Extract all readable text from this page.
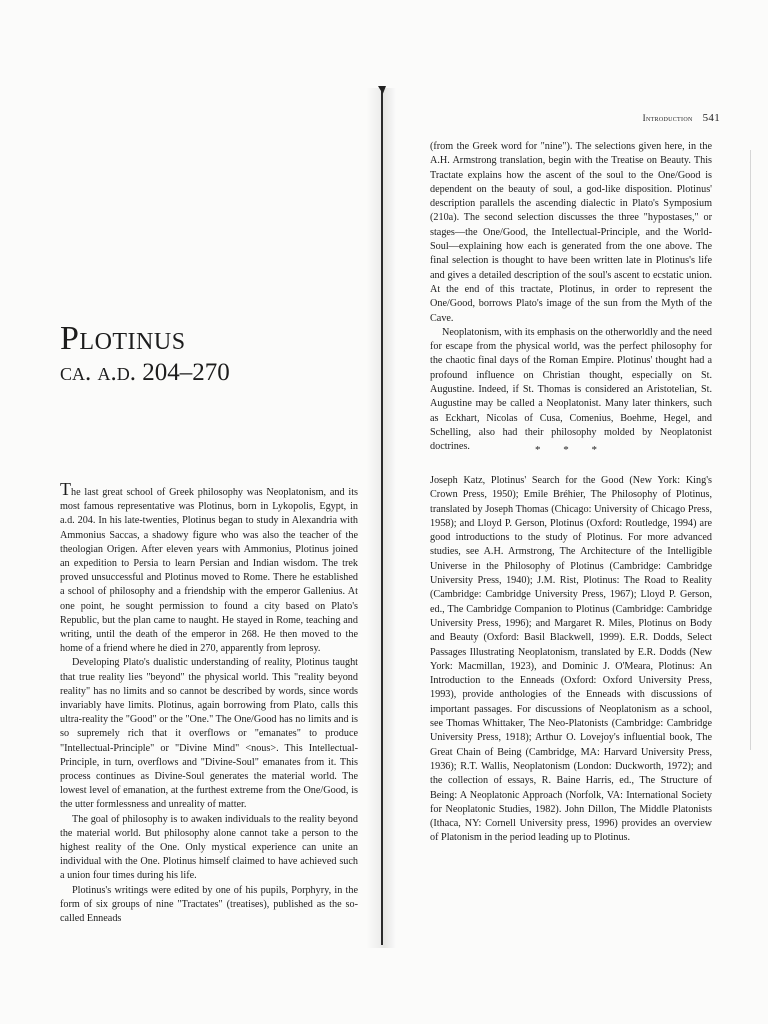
Plotinus

ca. a.d. 204–270

The last great school of Greek philosophy was Neoplatonism, and its most famous representative was Plotinus, born in Lykopolis, Egypt, in a.d. 204. In his late-twenties, Plotinus began to study in Alexandria with Ammonius Saccas, a shadowy figure who was also the teacher of the theologian Origen. After eleven years with Ammonius, Plotinus joined an expedition to Persia to learn Persian and Indian wisdom. The trek proved unsuccessful and Plotinus moved to Rome. There he established a school of philosophy and a friendship with the emperor Gallenius. At one point, he sought permission to found a city based on Plato's Republic, but the plan came to naught. He stayed in Rome, teaching and writing, until the death of the emperor in 268. He then moved to the home of a friend where he died in 270, apparently from leprosy.

Developing Plato's dualistic understanding of reality, Plotinus taught that true reality lies "beyond" the physical world. This "reality beyond reality" has no limits and so cannot be described by words, since words invariably have limits. Plotinus, again borrowing from Plato, calls this ultra-reality the "Good" or the "One." The One/Good has no limits and is so supremely rich that it overflows or "emanates" to produce "Intellectual-Principle" or "Divine Mind" <nous>. This Intellectual-Principle, in turn, overflows and "Divine-Soul" emanates from it. This process continues as Divine-Soul generates the material world. The lowest level of emanation, at the furthest extreme from the One/Good, is the utter formlessness and unreality of matter.

The goal of philosophy is to awaken individuals to the reality beyond the material world. But philosophy alone cannot take a person to the highest reality of the One. Only mystical experience can unite an individual with the One. Plotinus himself claimed to have achieved such a union four times during his life.

Plotinus's writings were edited by one of his pupils, Porphyry, in the form of six groups of nine "Tractates" (treatises), published as the so-called Enneads

Introduction 541

(from the Greek word for "nine"). The selections given here, in the A.H. Armstrong translation, begin with the Treatise on Beauty. This Tractate explains how the ascent of the soul to the One/Good is dependent on the beauty of soul, a god-like disposition. Plotinus' description parallels the ascending dialectic in Plato's Symposium (210a). The second selection discusses the three "hypostases," or stages—the One/Good, the Intellectual-Principle, and the World-Soul—explaining how each is generated from the one above. The final selection is thought to have been written late in Plotinus's life and gives a detailed description of the soul's ascent to ecstatic union. At the end of this tractate, Plotinus, in order to represent the One/Good, borrows Plato's image of the sun from the Myth of the Cave.

Neoplatonism, with its emphasis on the otherworldly and the need for escape from the physical world, was the perfect philosophy for the chaotic final days of the Roman Empire. Plotinus' thought had a profound influence on Christian thought, especially on St. Augustine. Indeed, if St. Thomas is considered an Aristotelian, St. Augustine may be called a Neoplatonist. Many later thinkers, such as Eckhart, Nicolas of Cusa, Comenius, Boehme, Hegel, and Schelling, also had their philosophy molded by Neoplatonist doctrines.	* * *

Joseph Katz, Plotinus' Search for the Good (New York: King's Crown Press, 1950); Emile Bréhier, The Philosophy of Plotinus, translated by Joseph Thomas (Chicago: University of Chicago Press, 1958); and Lloyd P. Gerson, Plotinus (Oxford: Routledge, 1994) are good introductions to the study of Plotinus. For more advanced studies, see A.H. Armstrong, The Architecture of the Intelligible Universe in the Philosophy of Plotinus (Cambridge: Cambridge University Press, 1940); J.M. Rist, Plotinus: The Road to Reality (Cambridge: Cambridge University Press, 1967); Lloyd P. Gerson, ed., The Cambridge Companion to Plotinus (Cambridge: Cambridge University Press, 1996); and Margaret R. Miles, Plotinus on Body and Beauty (Oxford: Basil Blackwell, 1999). E.R. Dodds, Select Passages Illustrating Neoplatonism, translated by E.R. Dodds (New York: Macmillan, 1923), and Dominic J. O'Meara, Plotinus: An Introduction to the Enneads (Oxford: Oxford University Press, 1993), provide anthologies of the Enneads with discussions of important passages. For discussions of Neoplatonism as a school, see Thomas Whittaker, The Neo-Platonists (Cambridge: Cambridge University Press, 1918); Arthur O. Lovejoy's influential book, The Great Chain of Being (Cambridge, MA: Harvard University Press, 1936); R.T. Wallis, Neoplatonism (London: Duckworth, 1972); and the collection of essays, R. Baine Harris, ed., The Structure of Being: A Neoplatonic Approach (Norfolk, VA: International Society for Neoplatonic Studies, 1982). John Dillon, The Middle Platonists (Ithaca, NY: Cornell University press, 1996) provides an overview of Platonism in the period leading up to Plotinus.
